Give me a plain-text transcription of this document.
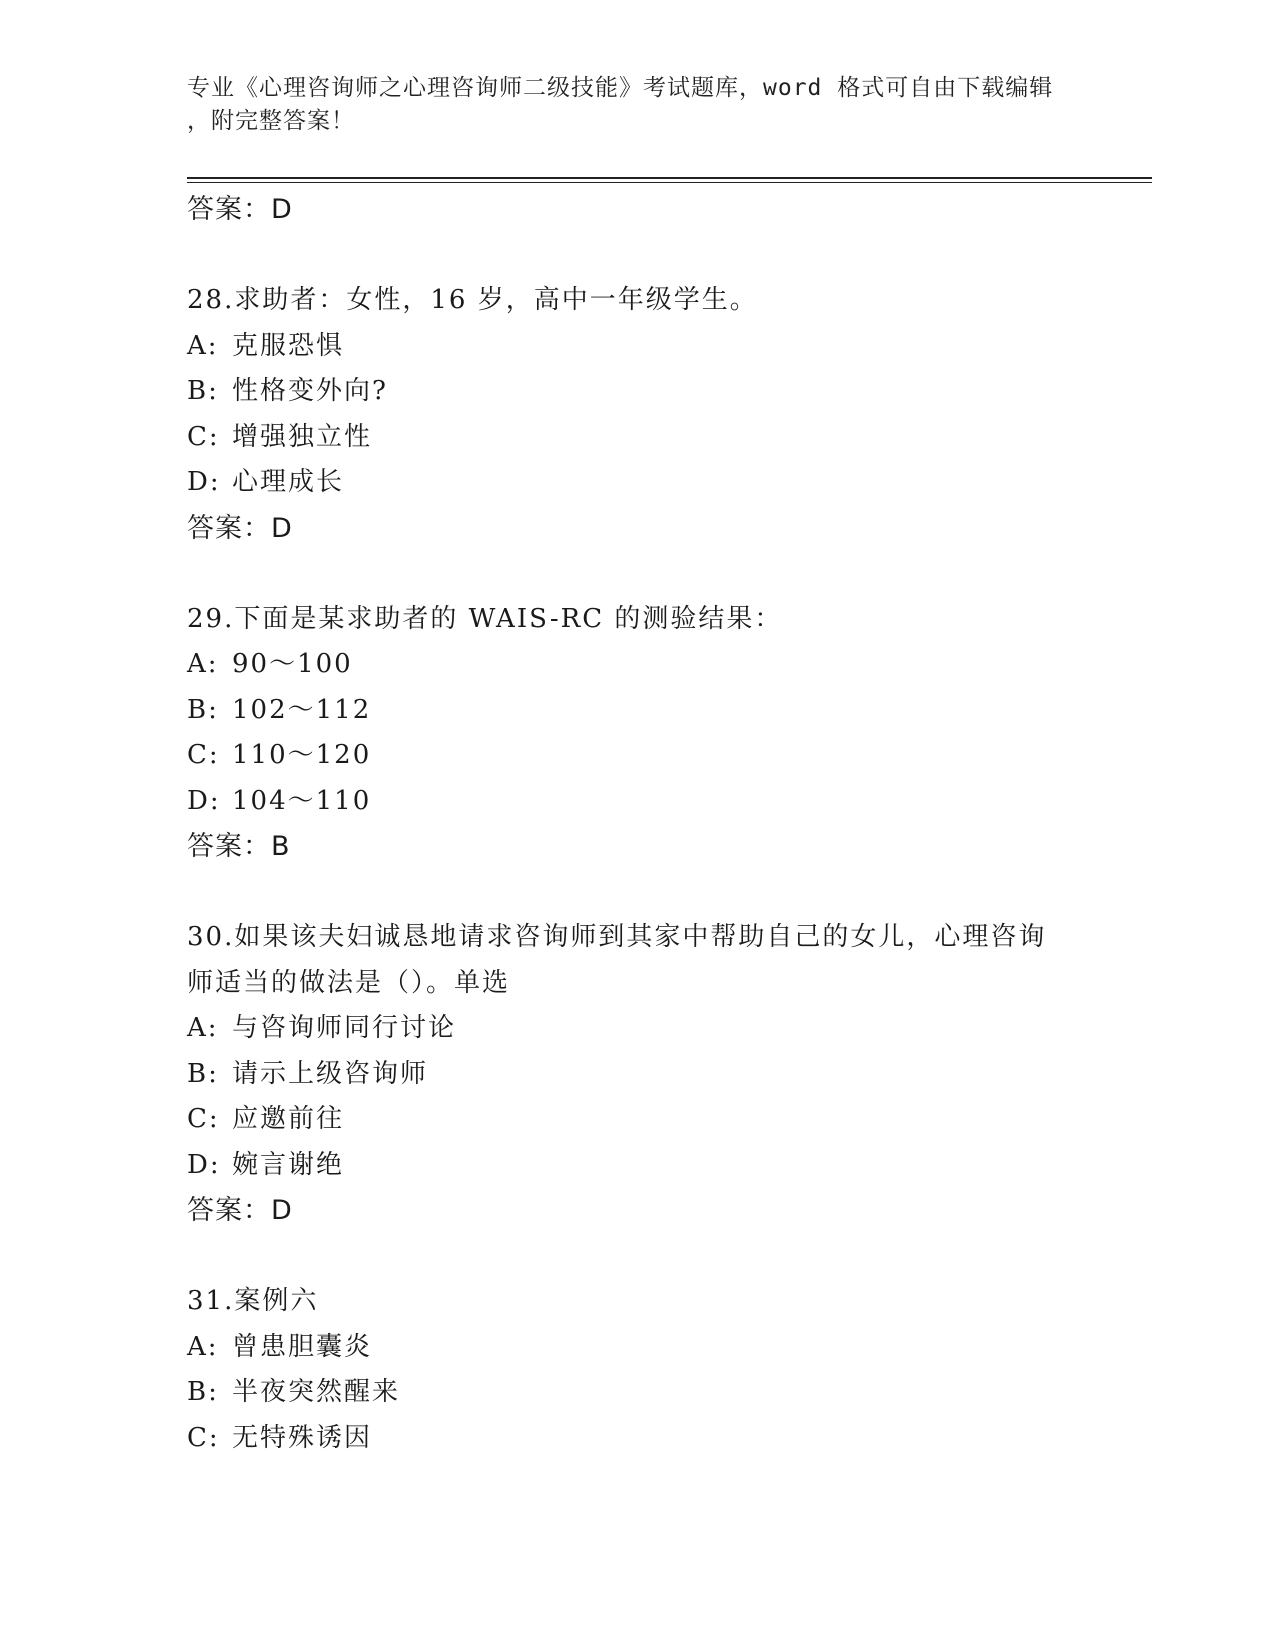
专业《心理咨询师之心理咨询师二级技能》考试题库，word 格式可自由下载编辑
，附完整答案！
答案：D
28.求助者：女性，16 岁，高中一年级学生。
A: 克服恐惧
B: 性格变外向?
C: 增强独立性
D: 心理成长
答案：D
29.下面是某求助者的 WAIS-RC 的测验结果：
A: 90～100
B: 102～112
C: 110～120
D: 104～110
答案：B
30.如果该夫妇诚恳地请求咨询师到其家中帮助自己的女儿，心理咨询
师适当的做法是（）。单选
A: 与咨询师同行讨论
B: 请示上级咨询师
C: 应邀前往
D: 婉言谢绝
答案：D
31.案例六
A: 曾患胆囊炎
B: 半夜突然醒来
C: 无特殊诱因
